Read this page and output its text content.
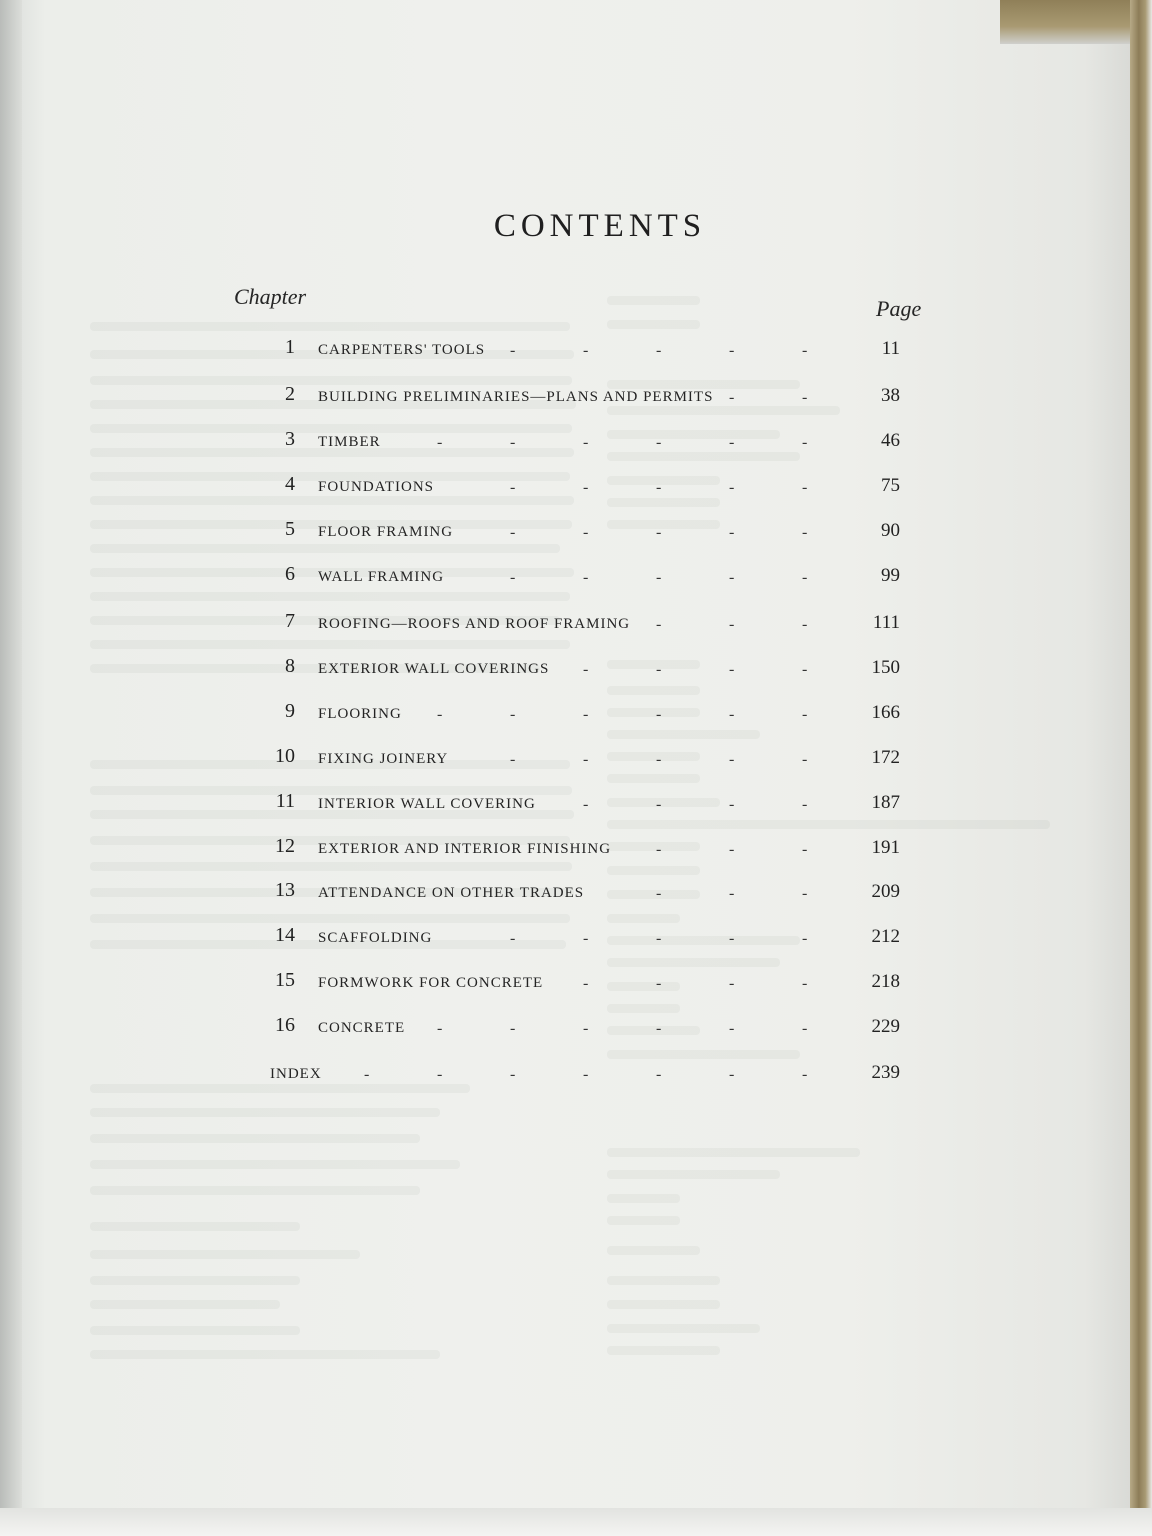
CONTENTS
Chapter	Page
1 CARPENTERS' TOOLS -	-	-	-	-	11
2 BUILDING PRELIMINARIES—PLANS AND PERMITS -	-	38
3 TIMBER	-	-	-	-	-	-	46
4 FOUNDATIONS	-	-	-	-	-	75
5 FLOOR FRAMING	-	-	-	-	-	90
6 WALL FRAMING	-	-	-	-	-	99
7 ROOFING—ROOFS AND ROOF FRAMING -	-	-	111
8 EXTERIOR WALL COVERINGS -	-	-	-	150
9 FLOORING -	-	-	-	-	-	166
10 FIXING JOINERY	-	-	-	-	-	172
11 INTERIOR WALL COVERING	-	-	-	-	187
12 EXTERIOR AND INTERIOR FINISHING	-	-	-	191
13 ATTENDANCE ON OTHER TRADES	-	-	-	209
14 SCAFFOLDING	-	-	-	-	-	212
15 FORMWORK FOR CONCRETE -	-	-	-	218
16 CONCRETE -	-	-	-	-	-	229
INDEX	-	-	-	-	-	-	-	239
